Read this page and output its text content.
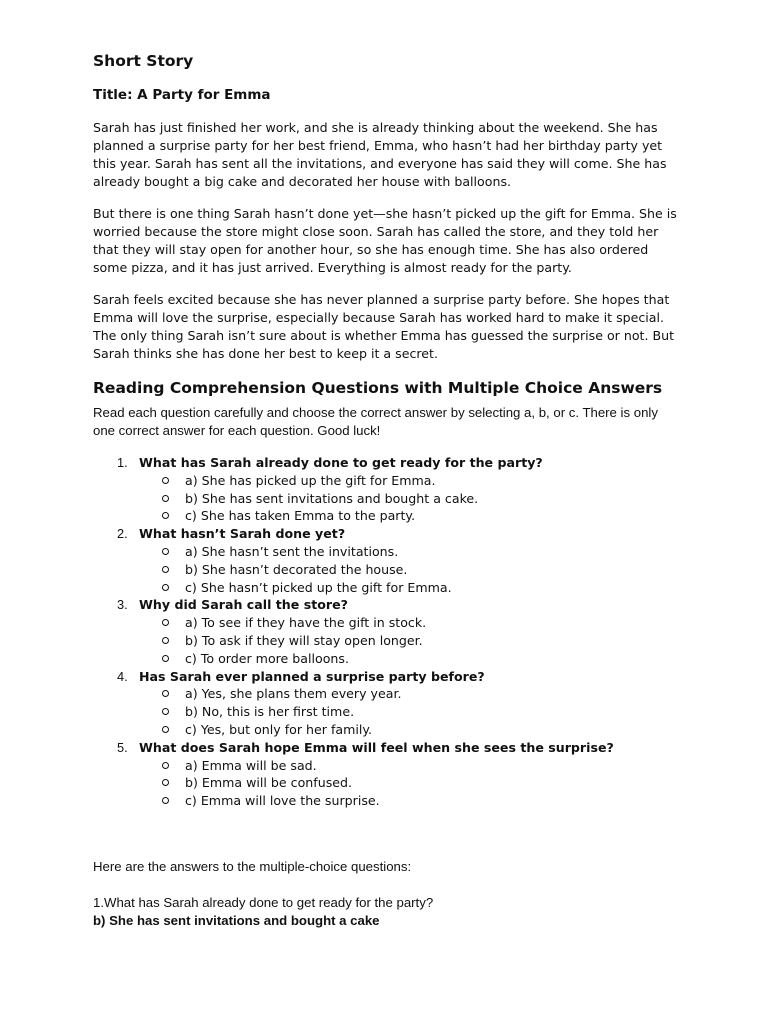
Short Story
Title: A Party for Emma
Sarah has just finished her work, and she is already thinking about the weekend. She has planned a surprise party for her best friend, Emma, who hasn’t had her birthday party yet this year. Sarah has sent all the invitations, and everyone has said they will come. She has already bought a big cake and decorated her house with balloons.
But there is one thing Sarah hasn’t done yet—she hasn’t picked up the gift for Emma. She is worried because the store might close soon. Sarah has called the store, and they told her that they will stay open for another hour, so she has enough time. She has also ordered some pizza, and it has just arrived. Everything is almost ready for the party.
Sarah feels excited because she has never planned a surprise party before. She hopes that Emma will love the surprise, especially because Sarah has worked hard to make it special. The only thing Sarah isn’t sure about is whether Emma has guessed the surprise or not. But Sarah thinks she has done her best to keep it a secret.
Reading Comprehension Questions with Multiple Choice Answers
Read each question carefully and choose the correct answer by selecting a, b, or c. There is only one correct answer for each question. Good luck!
1. What has Sarah already done to get ready for the party?
a) She has picked up the gift for Emma.
b) She has sent invitations and bought a cake.
c) She has taken Emma to the party.
2. What hasn’t Sarah done yet?
a) She hasn’t sent the invitations.
b) She hasn’t decorated the house.
c) She hasn’t picked up the gift for Emma.
3. Why did Sarah call the store?
a) To see if they have the gift in stock.
b) To ask if they will stay open longer.
c) To order more balloons.
4. Has Sarah ever planned a surprise party before?
a) Yes, she plans them every year.
b) No, this is her first time.
c) Yes, but only for her family.
5. What does Sarah hope Emma will feel when she sees the surprise?
a) Emma will be sad.
b) Emma will be confused.
c) Emma will love the surprise.
Here are the answers to the multiple-choice questions:
1.What has Sarah already done to get ready for the party?
b) She has sent invitations and bought a cake
